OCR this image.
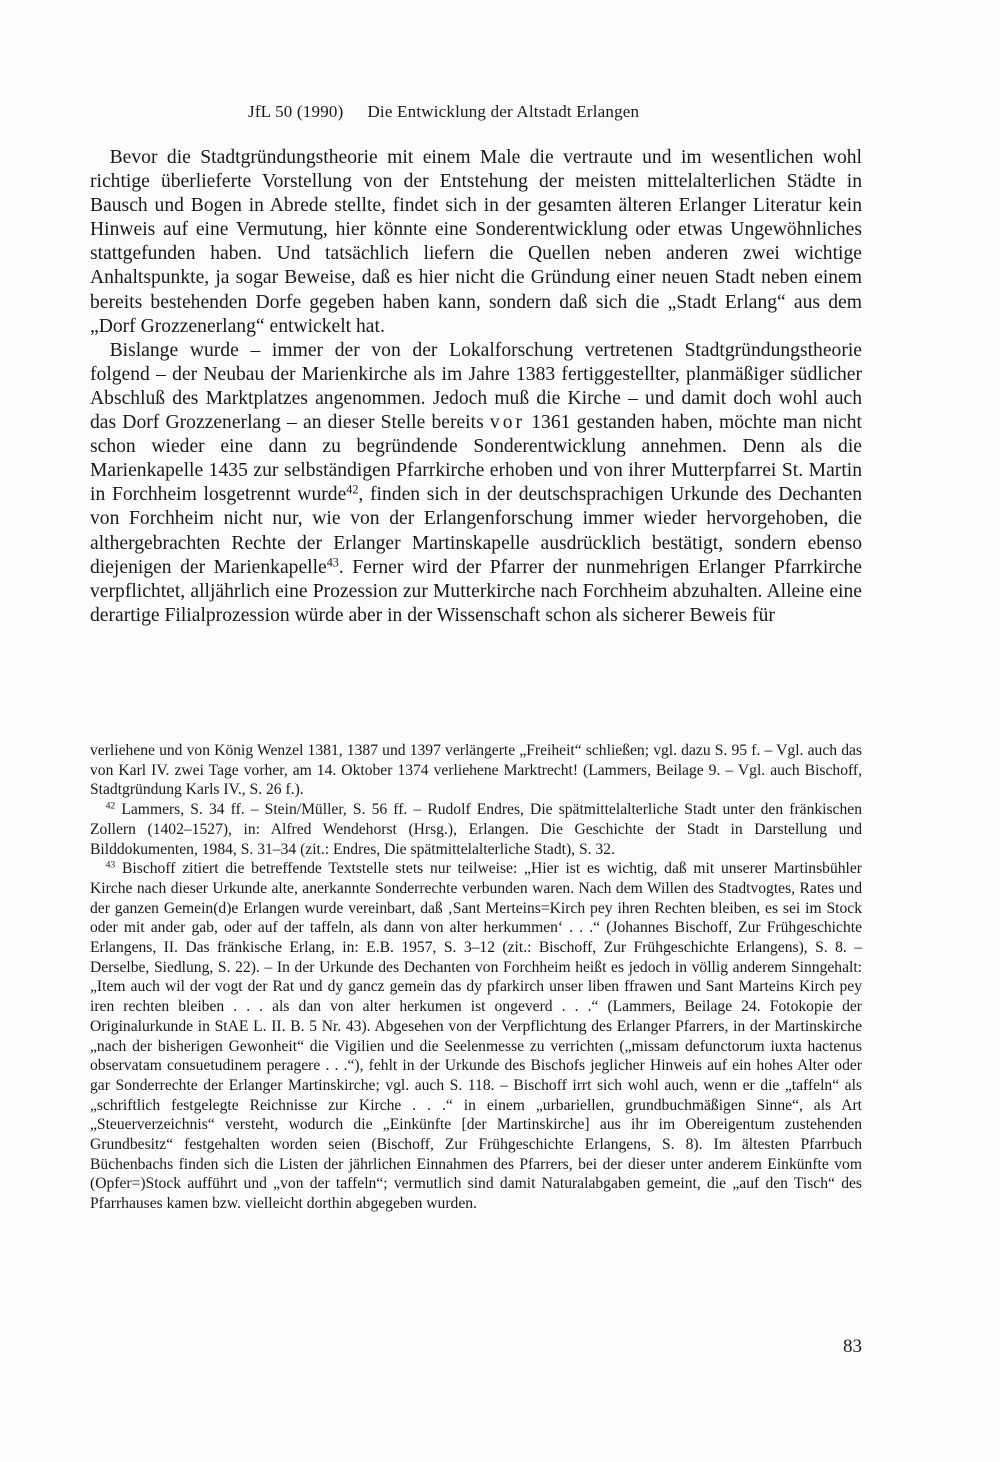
JfL 50 (1990) Die Entwicklung der Altstadt Erlangen

 Bevor die Stadtgründungstheorie mit einem Male die vertraute und im wesentlichen wohl richtige überlieferte Vorstellung von der Entstehung der meisten mittelalterlichen Städte in Bausch und Bogen in Abrede stellte, findet sich in der gesamten älteren Erlanger Literatur kein Hinweis auf eine Vermutung, hier könnte eine Sonderentwicklung oder etwas Ungewöhnliches stattgefunden haben. Und tatsächlich liefern die Quellen neben anderen zwei wichtige Anhaltspunkte, ja sogar Beweise, daß es hier nicht die Gründung einer neuen Stadt neben einem bereits bestehenden Dorfe gegeben haben kann, sondern daß sich die „Stadt Erlang“ aus dem „Dorf Grozzenerlang“ entwickelt hat.

 Bislange wurde – immer der von der Lokalforschung vertretenen Stadtgründungstheorie folgend – der Neubau der Marienkirche als im Jahre 1383 fertiggestellter, planmäßiger südlicher Abschluß des Marktplatzes angenommen. Jedoch muß die Kirche – und damit doch wohl auch das Dorf Grozzenerlang – an dieser Stelle bereits vor 1361 gestanden haben, möchte man nicht schon wieder eine dann zu begründende Sonderentwicklung annehmen. Denn als die Marienkapelle 1435 zur selbständigen Pfarrkirche erhoben und von ihrer Mutterpfarrei St. Martin in Forchheim losgetrennt wurde$^{42}$, finden sich in der deutschsprachigen Urkunde des Dechanten von Forchheim nicht nur, wie von der Erlangenforschung immer wieder hervorgehoben, die althergebrachten Rechte der Erlanger Martinskapelle ausdrücklich bestätigt, sondern ebenso diejenigen der Marienkapelle$^{43}$. Ferner wird der Pfarrer der nunmehrigen Erlanger Pfarrkirche verpflichtet, alljährlich eine Prozession zur Mutterkirche nach Forchheim abzuhalten. Alleine eine derartige Filialprozession würde aber in der Wissenschaft schon als sicherer Beweis für

verliehene und von König Wenzel 1381, 1387 und 1397 verlängerte „Freiheit“ schließen; vgl. dazu S. 95 f. – Vgl. auch das von Karl IV. zwei Tage vorher, am 14. Oktober 1374 verliehene Marktrecht! (Lammers, Beilage 9. – Vgl. auch Bischoff, Stadtgründung Karls IV., S. 26 f.).

 $^{42}$ Lammers, S. 34 ff. – Stein/Müller, S. 56 ff. – Rudolf Endres, Die spätmittelalterliche Stadt unter den fränkischen Zollern (1402–1527), in: Alfred Wendehorst (Hrsg.), Erlangen. Die Geschichte der Stadt in Darstellung und Bilddokumenten, 1984, S. 31–34 (zit.: Endres, Die spätmittelalterliche Stadt), S. 32.

 $^{43}$ Bischoff zitiert die betreffende Textstelle stets nur teilweise: „Hier ist es wichtig, daß mit unserer Martinsbühler Kirche nach dieser Urkunde alte, anerkannte Sonderrechte verbunden waren. Nach dem Willen des Stadtvogtes, Rates und der ganzen Gemein(d)e Erlangen wurde vereinbart, daß ‚Sant Merteins=Kirch pey ihren Rechten bleiben, es sei im Stock oder mit ander gab, oder auf der taffeln, als dann von alter herkummen‘ . . .“ (Johannes Bischoff, Zur Frühgeschichte Erlangens, II. Das fränkische Erlang, in: E.B. 1957, S. 3–12 (zit.: Bischoff, Zur Frühgeschichte Erlangens), S. 8. – Derselbe, Siedlung, S. 22). – In der Urkunde des Dechanten von Forchheim heißt es jedoch in völlig anderem Sinngehalt: „Item auch wil der vogt der Rat und dy gancz gemein das dy pfarkirch unser liben ffrawen und Sant Marteins Kirch pey iren rechten bleiben . . . als dan von alter herkumen ist ongeverd . . .“ (Lammers, Beilage 24. Fotokopie der Originalurkunde in StAE L. II. B. 5 Nr. 43). Abgesehen von der Verpflichtung des Erlanger Pfarrers, in der Martinskirche „nach der bisherigen Gewonheit“ die Vigilien und die Seelenmesse zu verrichten („missam defunctorum iuxta hactenus observatam consuetudinem peragere . . .“), fehlt in der Urkunde des Bischofs jeglicher Hinweis auf ein hohes Alter oder gar Sonderrechte der Erlanger Martinskirche; vgl. auch S. 118. – Bischoff irrt sich wohl auch, wenn er die „taffeln“ als „schriftlich festgelegte Reichnisse zur Kirche . . .“ in einem „urbariellen, grundbuchmäßigen Sinne“, als Art „Steuerverzeichnis“ versteht, wodurch die „Einkünfte [der Martinskirche] aus ihr im Obereigentum zustehenden Grundbesitz“ festgehalten worden seien (Bischoff, Zur Frühgeschichte Erlangens, S. 8). Im ältesten Pfarrbuch Büchenbachs finden sich die Listen der jährlichen Einnahmen des Pfarrers, bei der dieser unter anderem Einkünfte vom (Opfer=)Stock aufführt und „von der taffeln“; vermutlich sind damit Naturalabgaben gemeint, die „auf den Tisch“ des Pfarrhauses kamen bzw. vielleicht dorthin abgegeben wurden.

83
